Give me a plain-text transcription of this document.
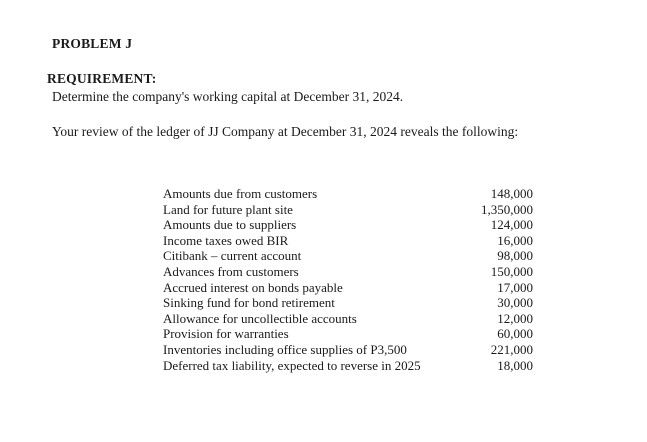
PROBLEM J
REQUIREMENT:
Determine the company's working capital at December 31, 2024.
Your review of the ledger of JJ Company at December 31, 2024 reveals the following:
Amounts due from customers	148,000
Land for future plant site	1,350,000
Amounts due to suppliers	124,000
Income taxes owed BIR	16,000
Citibank – current account	98,000
Advances from customers	150,000
Accrued interest on bonds payable	17,000
Sinking fund for bond retirement	30,000
Allowance for uncollectible accounts	12,000
Provision for warranties	60,000
Inventories including office supplies of P3,500	221,000
Deferred tax liability, expected to reverse in 2025	18,000
